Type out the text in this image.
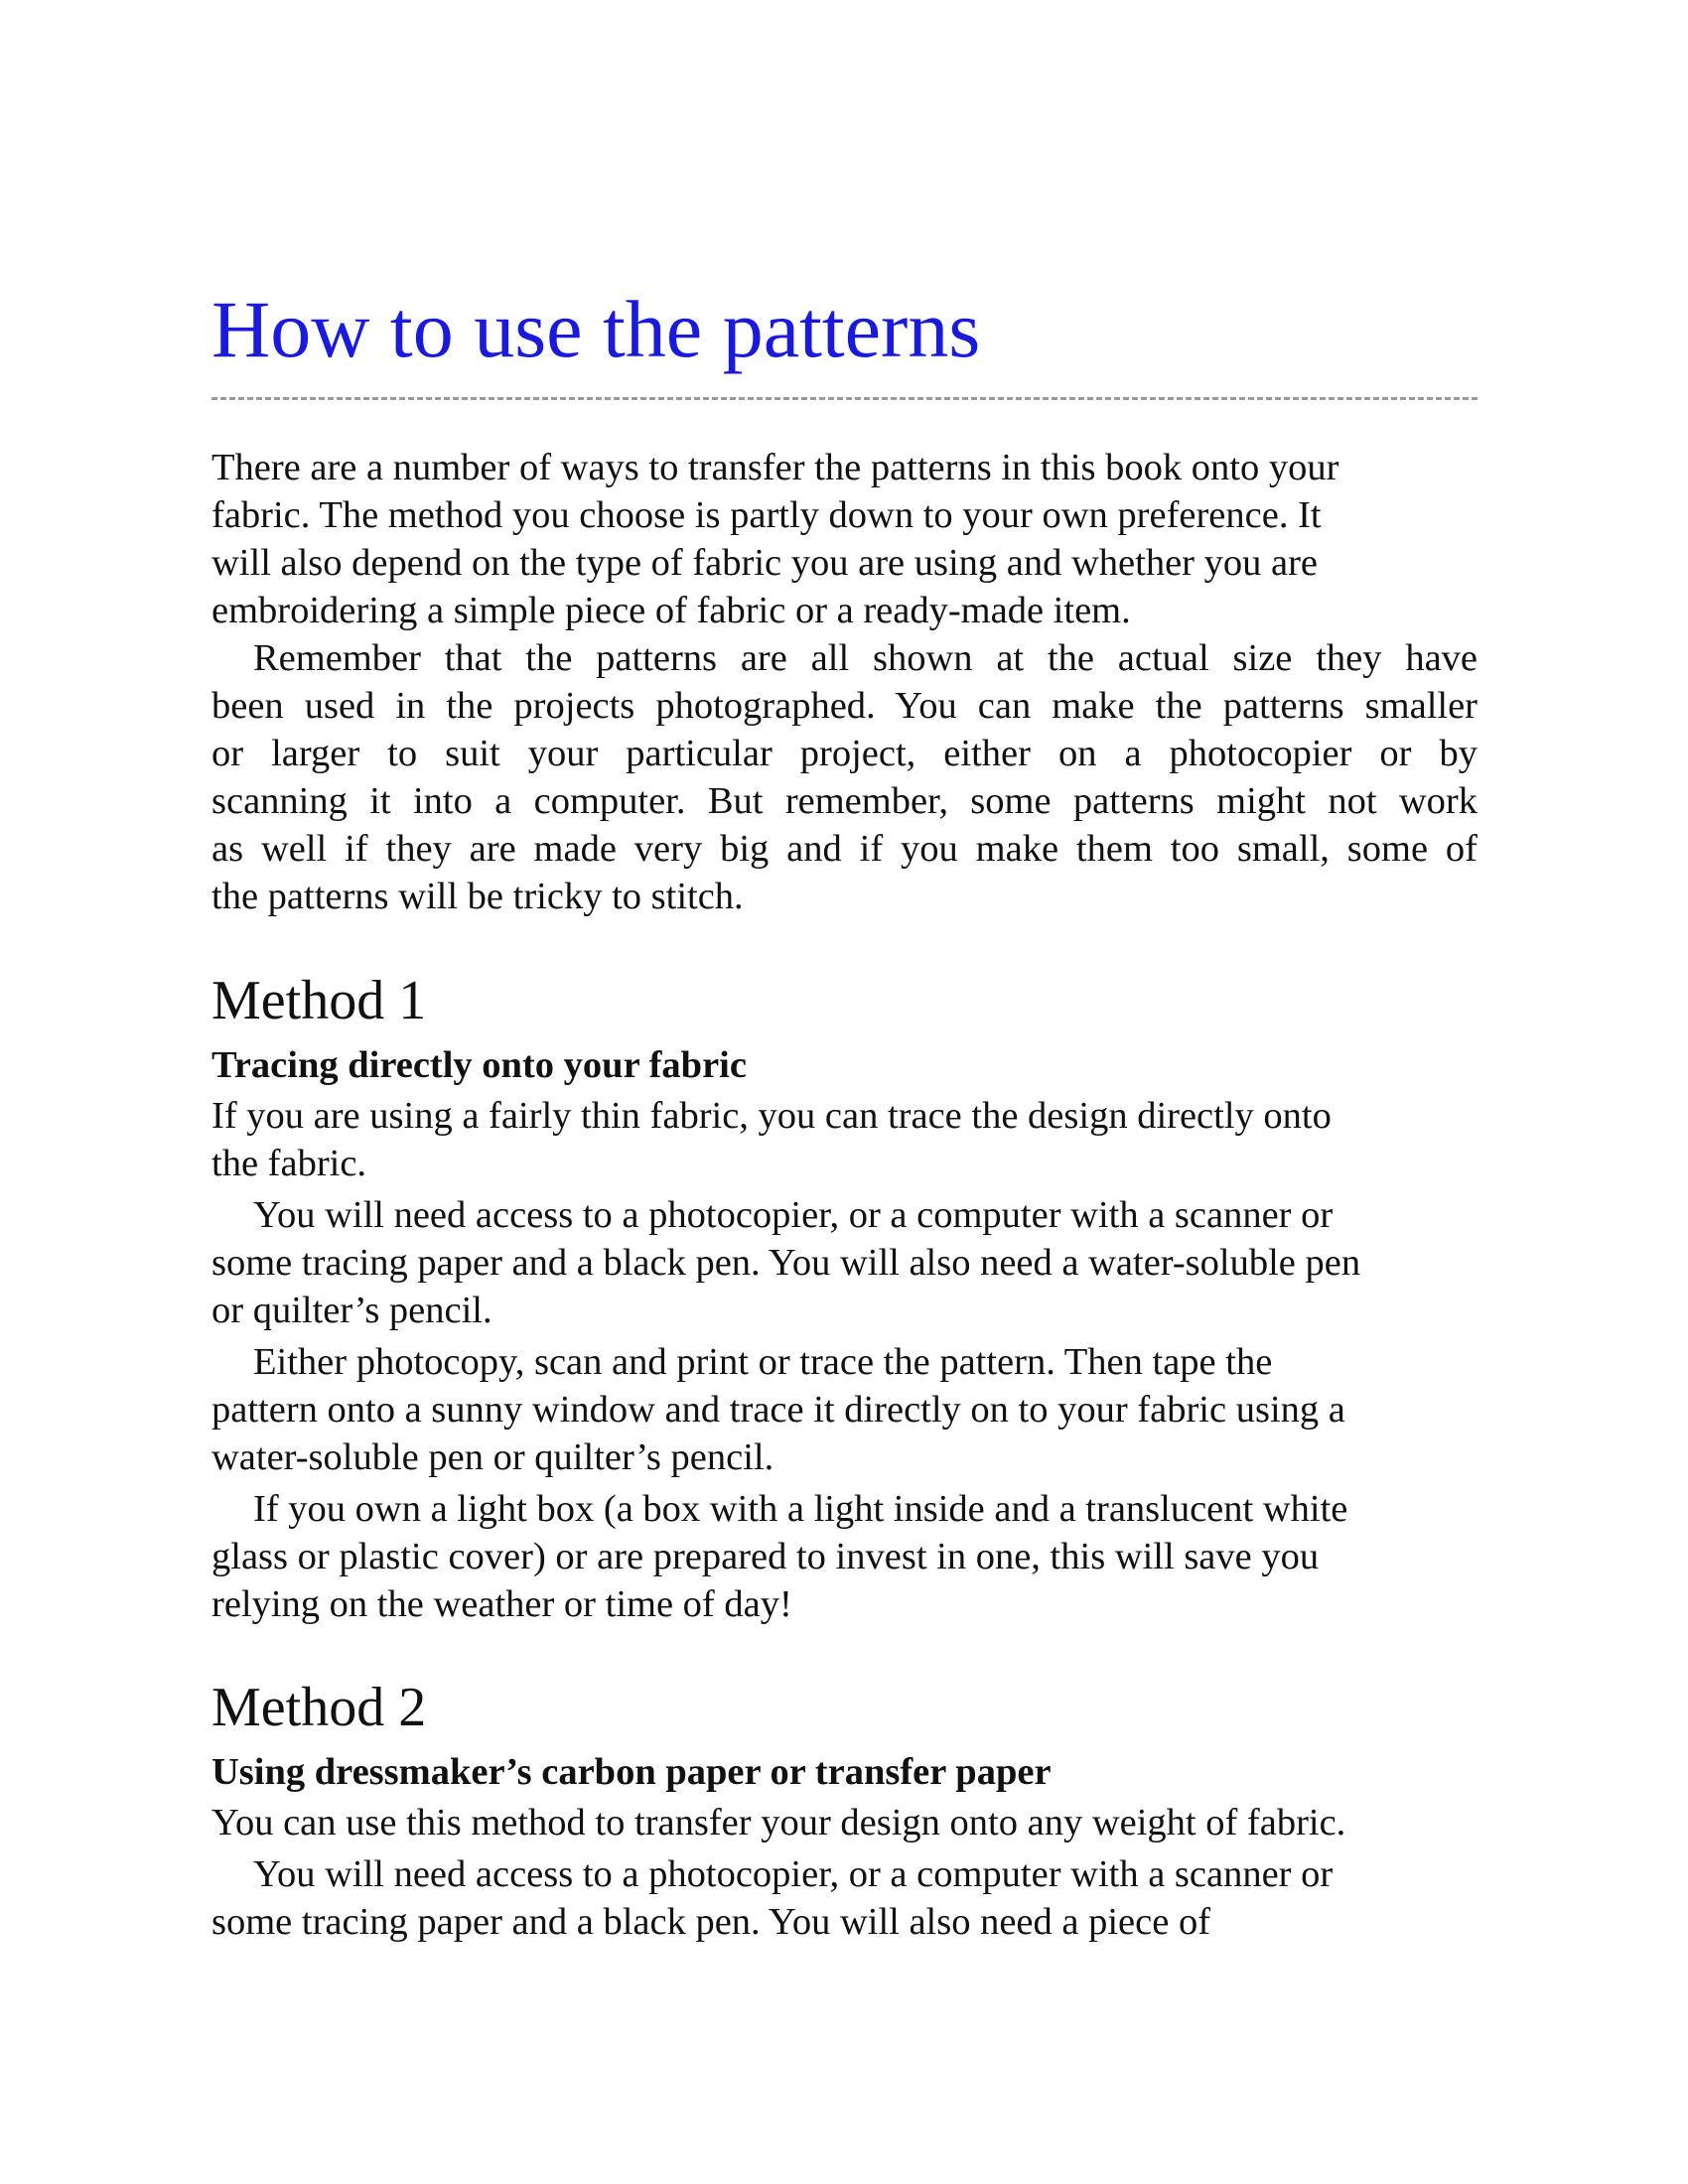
How to use the patterns

There are a number of ways to transfer the patterns in this book onto your
fabric. The method you choose is partly down to your own preference. It
will also depend on the type of fabric you are using and whether you are
embroidering a simple piece of fabric or a ready-made item.

Remember that the patterns are all shown at the actual size they have
been used in the projects photographed. You can make the patterns smaller
or larger to suit your particular project, either on a photocopier or by
scanning it into a computer. But remember, some patterns might not work
as well if they are made very big and if you make them too small, some of
the patterns will be tricky to stitch.

Method 1
Tracing directly onto your fabric

If you are using a fairly thin fabric, you can trace the design directly onto
the fabric.

You will need access to a photocopier, or a computer with a scanner or
some tracing paper and a black pen. You will also need a water-soluble pen
or quilter’s pencil.

Either photocopy, scan and print or trace the pattern. Then tape the
pattern onto a sunny window and trace it directly on to your fabric using a
water-soluble pen or quilter’s pencil.

If you own a light box (a box with a light inside and a translucent white
glass or plastic cover) or are prepared to invest in one, this will save you
relying on the weather or time of day!

Method 2
Using dressmaker’s carbon paper or transfer paper

You can use this method to transfer your design onto any weight of fabric.

You will need access to a photocopier, or a computer with a scanner or
some tracing paper and a black pen. You will also need a piece of
